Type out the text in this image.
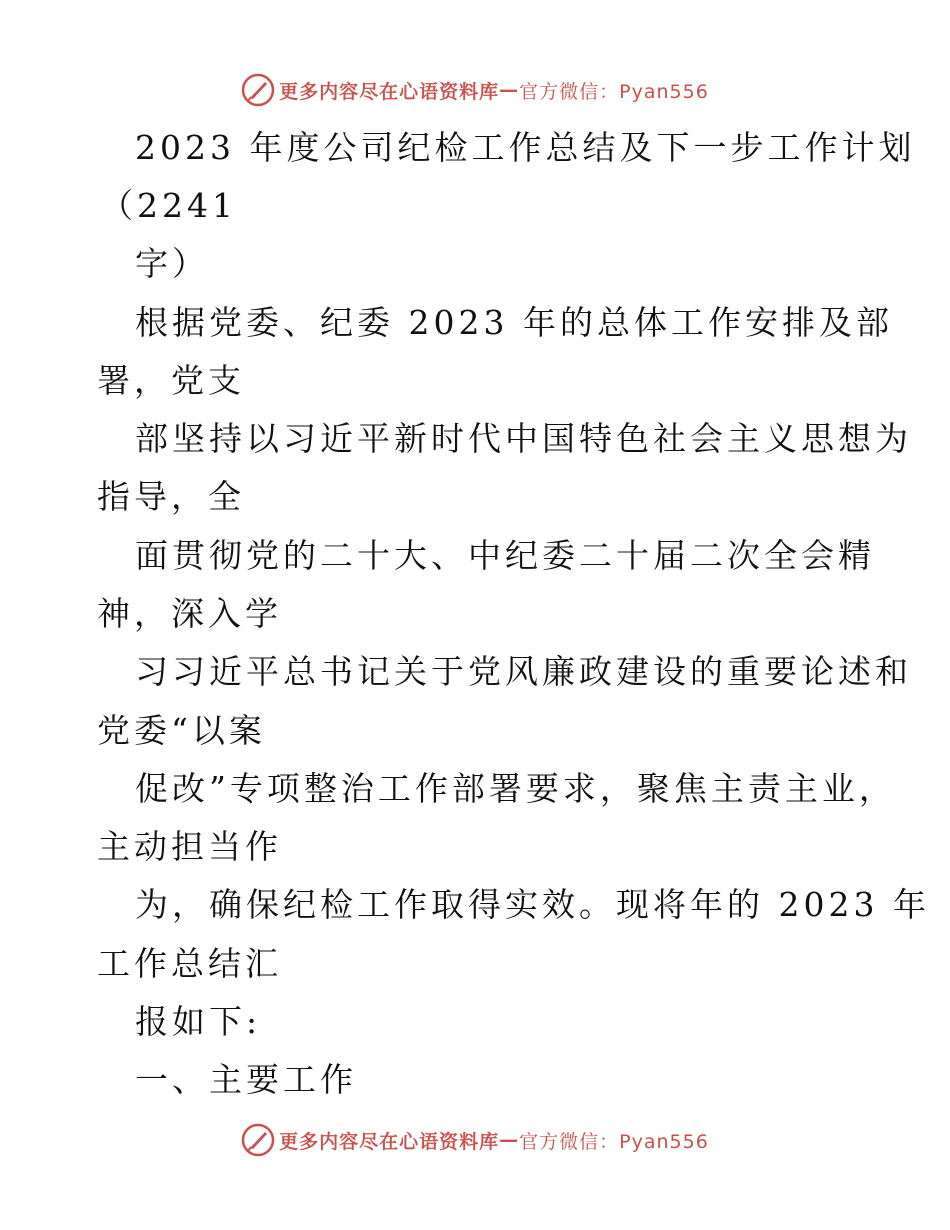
更多内容尽在心语资料库 — 官方微信：Pyan556
2023 年度公司纪检工作总结及下一步工作计划
（2241
字）
根据党委、纪委 2023 年的总体工作安排及部
署，党支
部坚持以习近平新时代中国特色社会主义思想为
指导，全
面贯彻党的二十大、中纪委二十届二次全会精
神，深入学
习习近平总书记关于党风廉政建设的重要论述和
党委“以案
促改”专项整治工作部署要求，聚焦主责主业，
主动担当作
为，确保纪检工作取得实效。现将年的 2023 年
工作总结汇
报如下:
一、主要工作
更多内容尽在心语资料库 — 官方微信：Pyan556
